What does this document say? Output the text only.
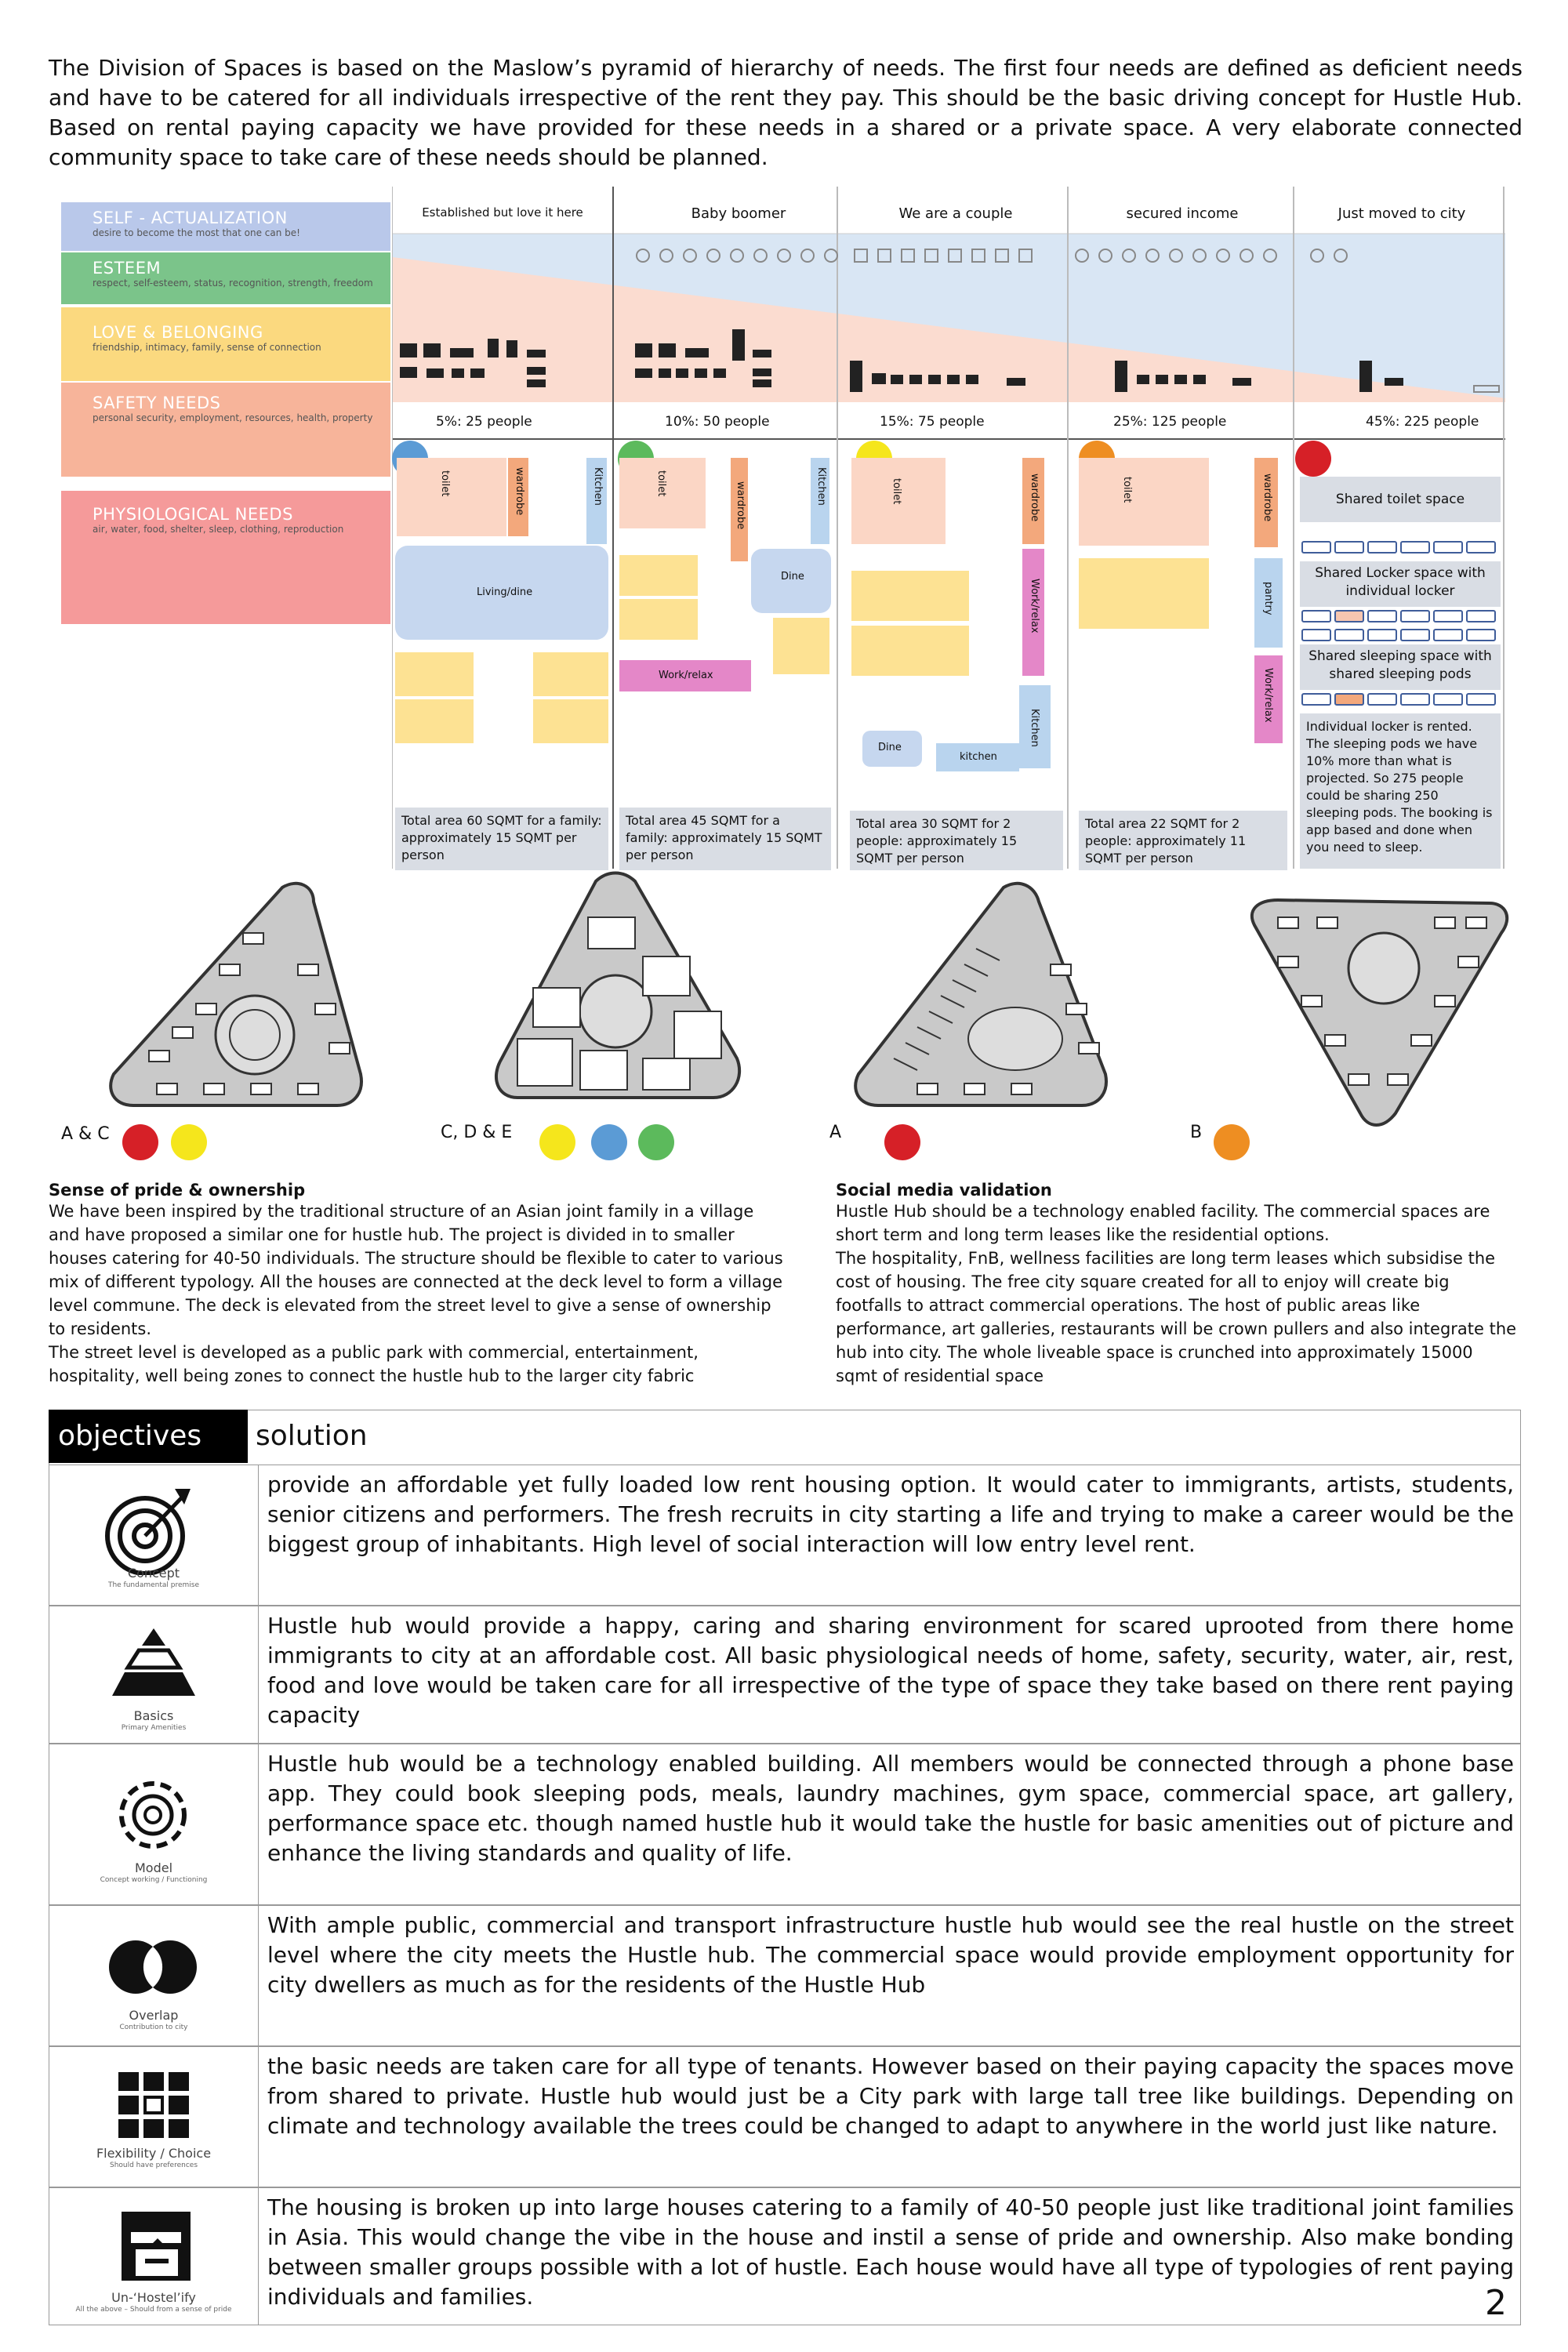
The Division of Spaces is based on the Maslow’s pyramid of hierarchy of needs. The first four needs are defined as deficient needs and have to be catered for all individuals irrespective of the rent they pay. This should be the basic driving concept for Hustle Hub. Based on rental paying capacity we have provided for these needs in a shared or a private space. A very elaborate connected community space to take care of these needs should be planned.
SELF - ACTUALIZATION
desire to become the most that one can be!
ESTEEM
respect, self-esteem, status, recognition, strength, freedom
LOVE & BELONGING
friendship, intimacy, family, sense of connection
SAFETY NEEDS
personal security, employment, resources, health, property
PHYSIOLOGICAL NEEDS
air, water, food, shelter, sleep, clothing, reproduction
Established but love it here	Baby boomer	We are a couple	secured income	Just moved to city
5%: 25 people	10%: 50 people	15%: 75 people	25%: 125 people	45%: 225 people
toilet	wardrobe	Kitchen
Living/dine
Total area 60 SQMT for a family: approximately 15 SQMT per person
toilet	wardrobe	Kitchen
Dine
Work/relax
Total area 45 SQMT for a family: approximately 15 SQMT per person
toilet	wardrobe
Work/relax
Kitchen
kitchen
Dine
Total area 30 SQMT for 2 people: approximately 15 SQMT per person
toilet	wardrobe
pantry
Work/relax
Total area 22 SQMT for 2 people: approximately 11 SQMT per person
Shared toilet space
Shared Locker space with individual locker
Shared sleeping space with shared sleeping pods
Individual locker is rented. The sleeping pods we have 10% more than what is projected. So 275 people could be sharing 250 sleeping pods. The booking is app based and done when you need to sleep.
A & C	C, D & E	A	B
Sense of pride & ownership

We have been inspired by the traditional structure of an Asian joint family in a village and have proposed a similar one for hustle hub. The project is divided in to smaller houses catering for 40-50 individuals. The structure should be flexible to cater to various mix of different typology. All the houses are connected at the deck level to form a village level commune. The deck is elevated from the street level to give a sense of ownership to residents.
The street level is developed as a public park with commercial, entertainment, hospitality, well being zones to connect the hustle hub to the larger city fabric

Social media validation

Hustle Hub should be a technology enabled facility. The commercial spaces are short term and long term leases like the residential options.
The hospitality, FnB, wellness facilities are long term leases which subsidise the cost of housing. The free city square created for all to enjoy will create big footfalls to attract commercial operations. The host of public areas like performance, art galleries, restaurants will be crown pullers and also integrate the hub into city. The whole liveable space is crunched into approximately 15000 sqmt of residential space

objectives	solution
Concept
The fundamental premise
provide an affordable yet fully loaded low rent housing option. It would cater to immigrants, artists, students, senior citizens and performers. The fresh recruits in city starting a life and trying to make a career would be the biggest group of inhabitants. High level of social interaction will low entry level rent.
Basics
Primary Amenities
Hustle hub would provide a happy, caring and sharing environment for scared uprooted from there home immigrants to city at an affordable cost. All basic physiological needs of home, safety, security, water, air, rest, food and love would be taken care for all irrespective of the type of space they take based on there rent paying capacity
Model
Concept working / Functioning
Hustle hub would be a technology enabled building. All members would be connected through a phone base app. They could book sleeping pods, meals, laundry machines, gym space, commercial space, art gallery, performance space etc. though named hustle hub it would take the hustle for basic amenities out of picture and enhance the living standards and quality of life.
Overlap
Contribution to city
With ample public, commercial and transport infrastructure hustle hub would see the real hustle on the street level where the city meets the Hustle hub. The commercial space would provide employment opportunity for city dwellers as much as for the residents of the Hustle Hub
Flexibility / Choice
Should have preferences
the basic needs are taken care for all type of tenants. However based on their paying capacity the spaces move from shared to private. Hustle hub would just be a City park with large tall tree like buildings. Depending on climate and technology available the trees could be changed to adapt to anywhere in the world just like nature.
Un-‘Hostel’ify
All the above – Should from a sense of pride
The housing is broken up into large houses catering to a family of 40-50 people just like traditional joint families in Asia. This would change the vibe in the house and instil a sense of pride and ownership. Also make bonding between smaller groups possible with a lot of hustle. Each house would have all type of typologies of rent paying individuals and families.	2
